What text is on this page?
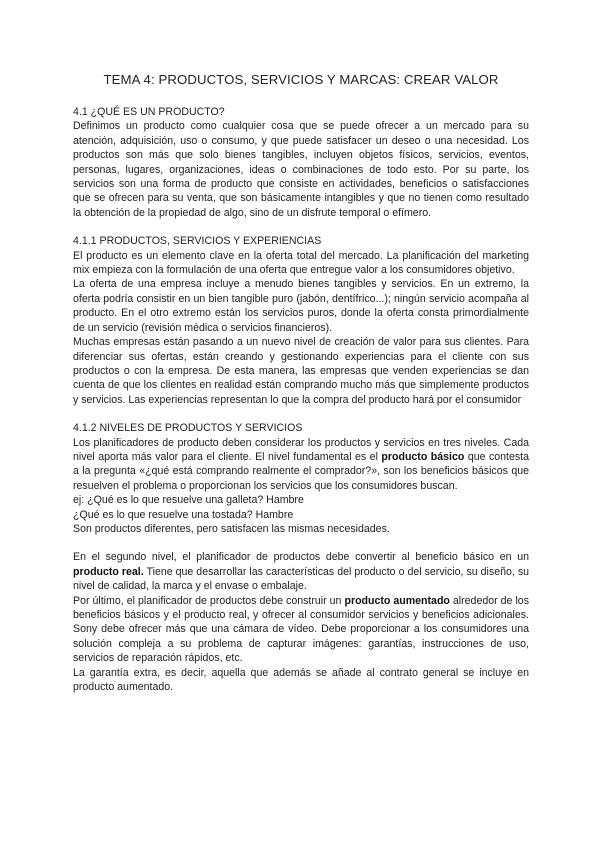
TEMA 4: PRODUCTOS, SERVICIOS Y MARCAS: CREAR VALOR
4.1 ¿QUÉ ES UN PRODUCTO?

Definimos un producto como cualquier cosa que se puede ofrecer a un mercado para su atención, adquisición, uso o consumo, y que puede satisfacer un deseo o una necesidad. Los productos son más que solo bienes tangibles, incluyen objetos físicos, servicios, eventos, personas, lugares, organizaciones, ideas o combinaciones de todo esto. Por su parte, los servicios son una forma de producto que consiste en actividades, beneficios o satisfacciones que se ofrecen para su venta, que son básicamente intangibles y que no tienen como resultado la obtención de la propiedad de algo, sino de un disfrute temporal o efímero.

4.1.1 PRODUCTOS, SERVICIOS Y EXPERIENCIAS

El producto es un elemento clave en la oferta total del mercado. La planificación del marketing mix empieza con la formulación de una oferta que entregue valor a los consumidores objetivo.

La oferta de una empresa incluye a menudo bienes tangibles y servicios. En un extremo, la oferta podría consistir en un bien tangible puro (jabón, dentífrico...); ningún servicio acompaña al producto. En el otro extremo están los servicios puros, donde la oferta consta primordialmente de un servicio (revisión médica o servicios financieros).

Muchas empresas están pasando a un nuevo nivel de creación de valor para sus clientes. Para diferenciar sus ofertas, están creando y gestionando experiencias para el cliente con sus productos o con la empresa. De esta manera, las empresas que venden experiencias se dan cuenta de que los clientes en realidad están comprando mucho más que simplemente productos y servicios. Las experiencias representan lo que la compra del producto hará por el consumidor

4.1.2 NIVELES DE PRODUCTOS Y SERVICIOS

Los planificadores de producto deben considerar los productos y servicios en tres niveles. Cada nivel aporta más valor para el cliente. El nivel fundamental es el producto básico que contesta a la pregunta «¿qué está comprando realmente el comprador?», son los beneficios básicos que resuelven el problema o proporcionan los servicios que los consumidores buscan.

ej: ¿Qué es lo que resuelve una galleta? Hambre

¿Qué es lo que resuelve una tostada? Hambre

Son productos diferentes, pero satisfacen las mismas necesidades.

En el segundo nivel, el planificador de productos debe convertir al beneficio básico en un producto real. Tiene que desarrollar las características del producto o del servicio, su diseño, su nivel de calidad, la marca y el envase o embalaje.

Por último, el planificador de productos debe construir un producto aumentado alrededor de los beneficios básicos y el producto real, y ofrecer al consumidor servicios y beneficios adicionales. Sony debe ofrecer más que una cámara de vídeo. Debe proporcionar a los consumidores una solución compleja a su problema de capturar imágenes: garantías, instrucciones de uso, servicios de reparación rápidos, etc.

La garantía extra, es decir, aquella que además se añade al contrato general se incluye en producto aumentado.
